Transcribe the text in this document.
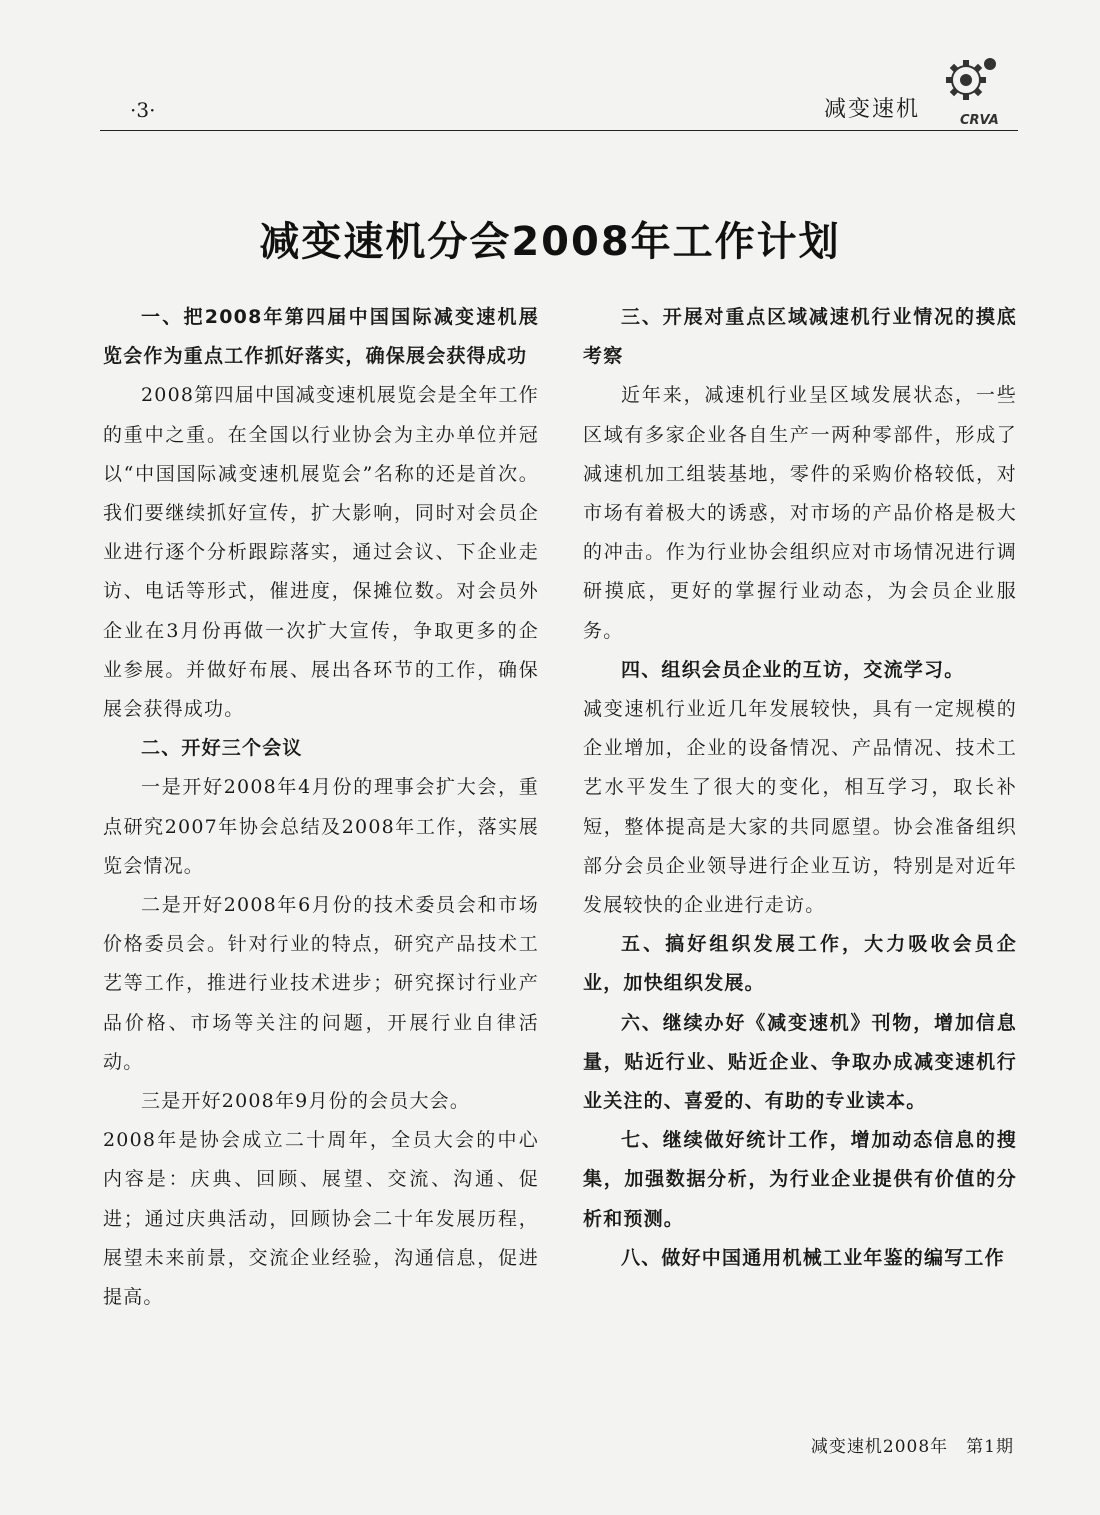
·3·	减变速机	CRVA
减变速机分会2008年工作计划

一、把2008年第四届中国国际减变速机展览会作为重点工作抓好落实，确保展会获得成功

2008第四届中国减变速机展览会是全年工作的重中之重。在全国以行业协会为主办单位并冠以“中国国际减变速机展览会”名称的还是首次。我们要继续抓好宣传，扩大影响，同时对会员企业进行逐个分析跟踪落实，通过会议、下企业走访、电话等形式，催进度，保摊位数。对会员外企业在3月份再做一次扩大宣传，争取更多的企业参展。并做好布展、展出各环节的工作，确保展会获得成功。

二、开好三个会议

一是开好2008年4月份的理事会扩大会，重点研究2007年协会总结及2008年工作，落实展览会情况。

二是开好2008年6月份的技术委员会和市场价格委员会。针对行业的特点，研究产品技术工艺等工作，推进行业技术进步；研究探讨行业产品价格、市场等关注的问题，开展行业自律活动。

三是开好2008年9月份的会员大会。

2008年是协会成立二十周年，全员大会的中心内容是：庆典、回顾、展望、交流、沟通、促进；通过庆典活动，回顾协会二十年发展历程，展望未来前景，交流企业经验，沟通信息，促进提高。

三、开展对重点区域减速机行业情况的摸底考察

近年来，减速机行业呈区域发展状态，一些区域有多家企业各自生产一两种零部件，形成了减速机加工组装基地，零件的采购价格较低，对市场有着极大的诱惑，对市场的产品价格是极大的冲击。作为行业协会组织应对市场情况进行调研摸底，更好的掌握行业动态，为会员企业服务。

四、组织会员企业的互访，交流学习。

减变速机行业近几年发展较快，具有一定规模的企业增加，企业的设备情况、产品情况、技术工艺水平发生了很大的变化，相互学习，取长补短，整体提高是大家的共同愿望。协会准备组织部分会员企业领导进行企业互访，特别是对近年发展较快的企业进行走访。

五、搞好组织发展工作，大力吸收会员企业，加快组织发展。

六、继续办好《减变速机》刊物，增加信息量，贴近行业、贴近企业、争取办成减变速机行业关注的、喜爱的、有助的专业读本。

七、继续做好统计工作，增加动态信息的搜集，加强数据分析，为行业企业提供有价值的分析和预测。

八、做好中国通用机械工业年鉴的编写工作

减变速机2008年　第1期
